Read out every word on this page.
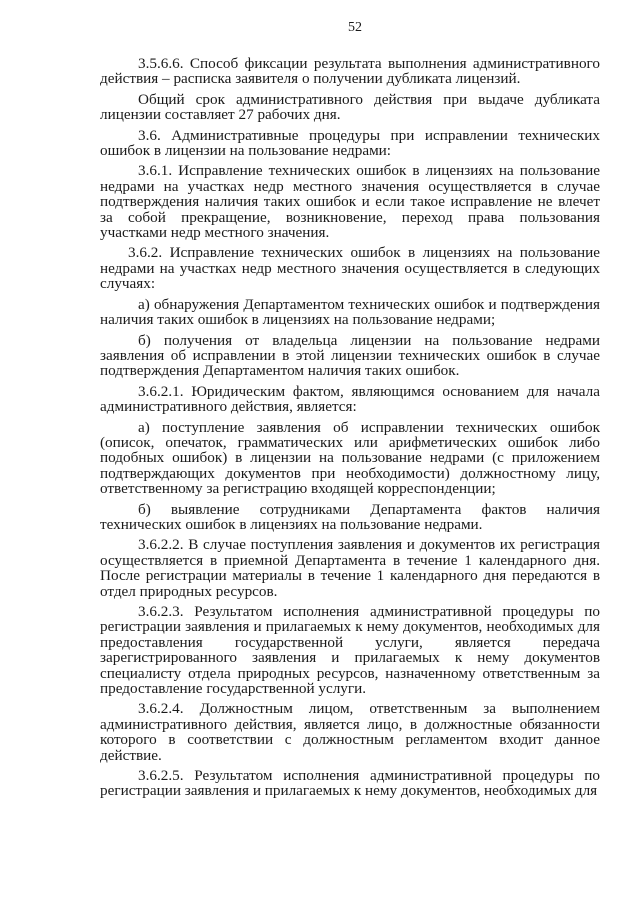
52

3.5.6.6. Способ фиксации результата выполнения административного действия – расписка заявителя о получении дубликата лицензий.

Общий срок административного действия при выдаче дубликата лицензии составляет 27 рабочих дня.

3.6. Административные процедуры при исправлении технических ошибок в лицензии на пользование недрами:

3.6.1. Исправление технических ошибок в лицензиях на пользование недрами на участках недр местного значения осуществляется в случае подтверждения наличия таких ошибок и если такое исправление не влечет за собой прекращение, возникновение, переход права пользования участками недр местного значения.

3.6.2. Исправление технических ошибок в лицензиях на пользование недрами на участках недр местного значения осуществляется в следующих случаях:

а) обнаружения Департаментом технических ошибок и подтверждения наличия таких ошибок в лицензиях на пользование недрами;

б) получения от владельца лицензии на пользование недрами заявления об исправлении в этой лицензии технических ошибок в случае подтверждения Департаментом наличия таких ошибок.

3.6.2.1. Юридическим фактом, являющимся основанием для начала административного действия, является:

а) поступление заявления об исправлении технических ошибок (описок, опечаток, грамматических или арифметических ошибок либо подобных ошибок) в лицензии на пользование недрами (с приложением подтверждающих документов при необходимости) должностному лицу, ответственному за регистрацию входящей корреспонденции;

б) выявление сотрудниками Департамента фактов наличия технических ошибок в лицензиях на пользование недрами.

3.6.2.2. В случае поступления заявления и документов их регистрация осуществляется в приемной Департамента в течение 1 календарного дня. После регистрации материалы в течение 1 календарного дня передаются в отдел природных ресурсов.

3.6.2.3. Результатом исполнения административной процедуры по регистрации заявления и прилагаемых к нему документов, необходимых для предоставления государственной услуги, является передача зарегистрированного заявления и прилагаемых к нему документов специалисту отдела природных ресурсов, назначенному ответственным за предоставление государственной услуги.

3.6.2.4. Должностным лицом, ответственным за выполнением административного действия, является лицо, в должностные обязанности которого в соответствии с должностным регламентом входит данное действие.

3.6.2.5. Результатом исполнения административной процедуры по регистрации заявления и прилагаемых к нему документов, необходимых для
